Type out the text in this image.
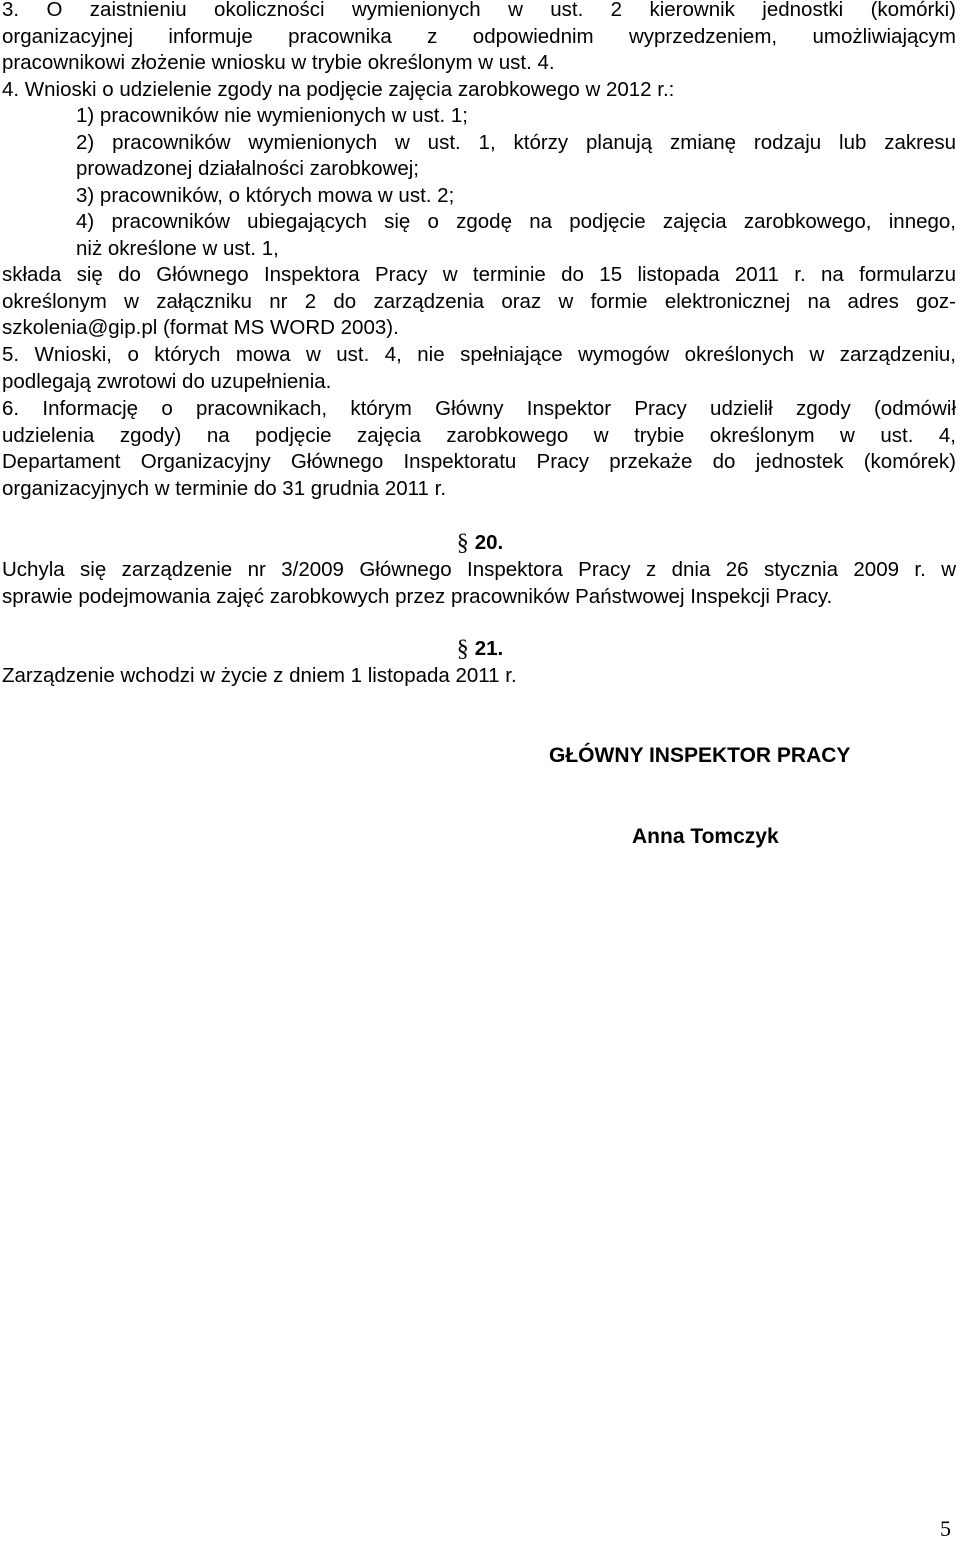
3. O zaistnieniu okoliczności wymienionych w ust. 2 kierownik jednostki (komórki)
organizacyjnej informuje pracownika z odpowiednim wyprzedzeniem, umożliwiającym
pracownikowi złożenie wniosku w trybie określonym w ust. 4.
4. Wnioski o udzielenie zgody na podjęcie zajęcia zarobkowego w 2012 r.:
1) pracowników nie wymienionych w ust. 1;
2) pracowników wymienionych w ust. 1, którzy planują zmianę rodzaju lub zakresu
prowadzonej działalności zarobkowej;
3) pracowników, o których mowa w ust. 2;
4) pracowników ubiegających się o zgodę na podjęcie zajęcia zarobkowego, innego,
niż określone w ust. 1,
składa się do Głównego Inspektora Pracy w terminie do 15 listopada 2011 r. na formularzu
określonym w załączniku nr 2 do zarządzenia oraz w formie elektronicznej na adres goz-
szkolenia@gip.pl (format MS WORD 2003).
5. Wnioski, o których mowa w ust. 4, nie spełniające wymogów określonych w zarządzeniu,
podlegają zwrotowi do uzupełnienia.
6. Informację o pracownikach, którym Główny Inspektor Pracy udzielił zgody (odmówił
udzielenia zgody) na podjęcie zajęcia zarobkowego w trybie określonym w ust. 4,
Departament Organizacyjny Głównego Inspektoratu Pracy przekaże do jednostek (komórek)
organizacyjnych w terminie do 31 grudnia 2011 r.
§ 20.
Uchyla się zarządzenie nr 3/2009 Głównego Inspektora Pracy z dnia 26 stycznia 2009 r. w
sprawie podejmowania zajęć zarobkowych przez pracowników Państwowej Inspekcji Pracy.
§ 21.
Zarządzenie wchodzi w życie z dniem 1 listopada 2011 r.
GŁÓWNY INSPEKTOR PRACY
Anna Tomczyk
5
